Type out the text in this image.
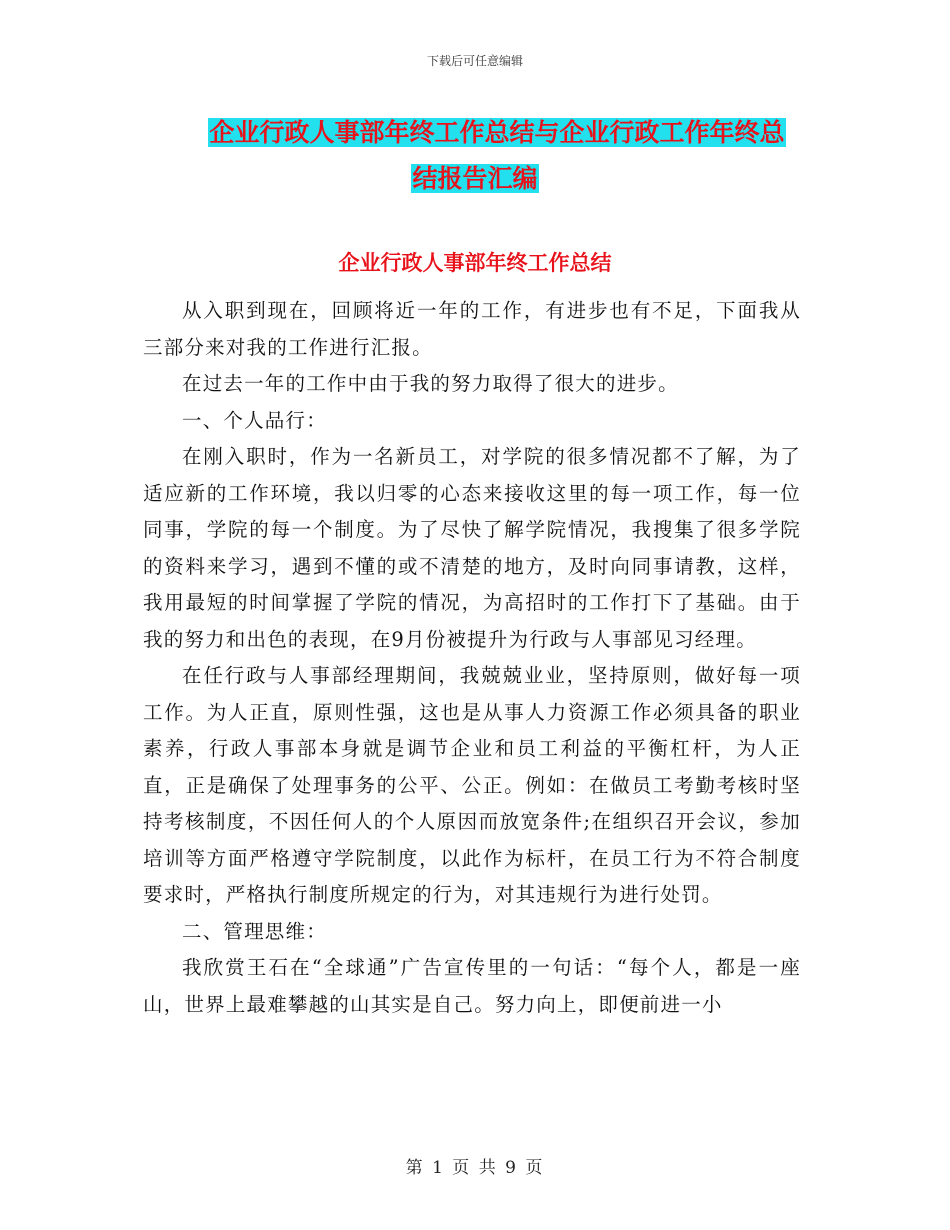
下载后可任意编辑
企业行政人事部年终工作总结与企业行政工作年终总
结报告汇编
企业行政人事部年终工作总结

从入职到现在，回顾将近一年的工作，有进步也有不足，下面我从三部分来对我的工作进行汇报。

在过去一年的工作中由于我的努力取得了很大的进步。

一、个人品行：

在刚入职时，作为一名新员工，对学院的很多情况都不了解，为了适应新的工作环境，我以归零的心态来接收这里的每一项工作，每一位同事，学院的每一个制度。为了尽快了解学院情况，我搜集了很多学院的资料来学习，遇到不懂的或不清楚的地方，及时向同事请教，这样，我用最短的时间掌握了学院的情况，为高招时的工作打下了基础。由于我的努力和出色的表现，在9月份被提升为行政与人事部见习经理。

在任行政与人事部经理期间，我兢兢业业，坚持原则，做好每一项工作。为人正直，原则性强，这也是从事人力资源工作必须具备的职业素养，行政人事部本身就是调节企业和员工利益的平衡杠杆，为人正直，正是确保了处理事务的公平、公正。例如：在做员工考勤考核时坚持考核制度，不因任何人的个人原因而放宽条件;在组织召开会议，参加培训等方面严格遵守学院制度，以此作为标杆，在员工行为不符合制度要求时，严格执行制度所规定的行为，对其违规行为进行处罚。

二、管理思维：

我欣赏王石在“全球通”广告宣传里的一句话：“每个人，都是一座山，世界上最难攀越的山其实是自己。努力向上，即便前进一小

第 1 页 共 9 页
